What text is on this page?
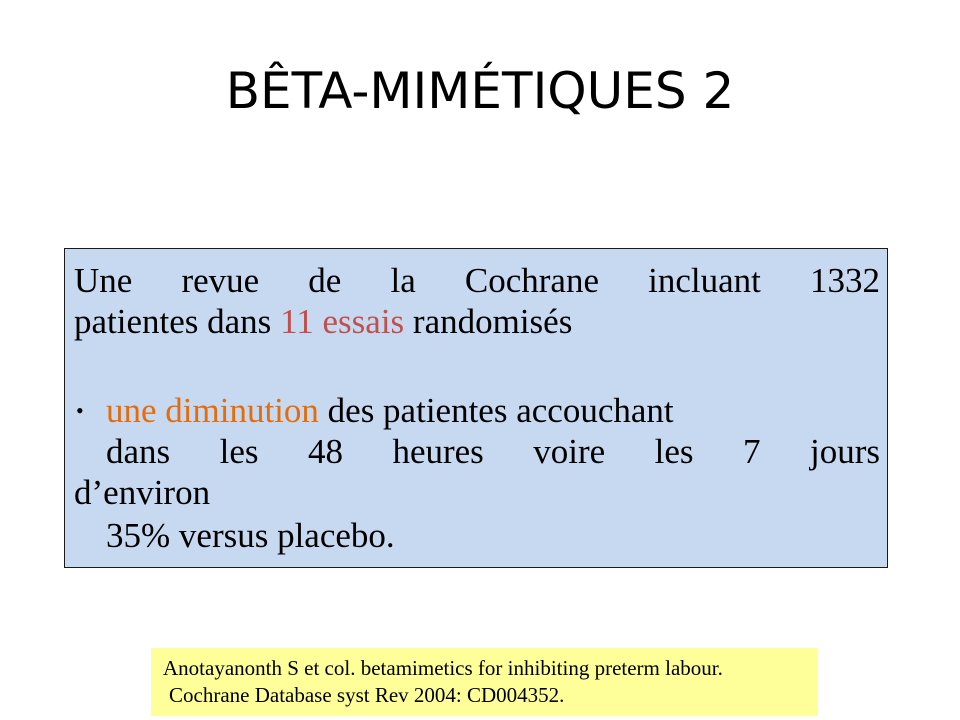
BÊTA-MIMÉTIQUES 2

Une revue de la Cochrane incluant 1332

patientes dans 11 essais randomisés

• une diminution des patientes accouchant

dans les 48 heures voire les 7 jours

d’environ

35% versus placebo.

Anotayanonth S et col. betamimetics for inhibiting preterm labour.
Cochrane Database syst Rev 2004: CD004352.
